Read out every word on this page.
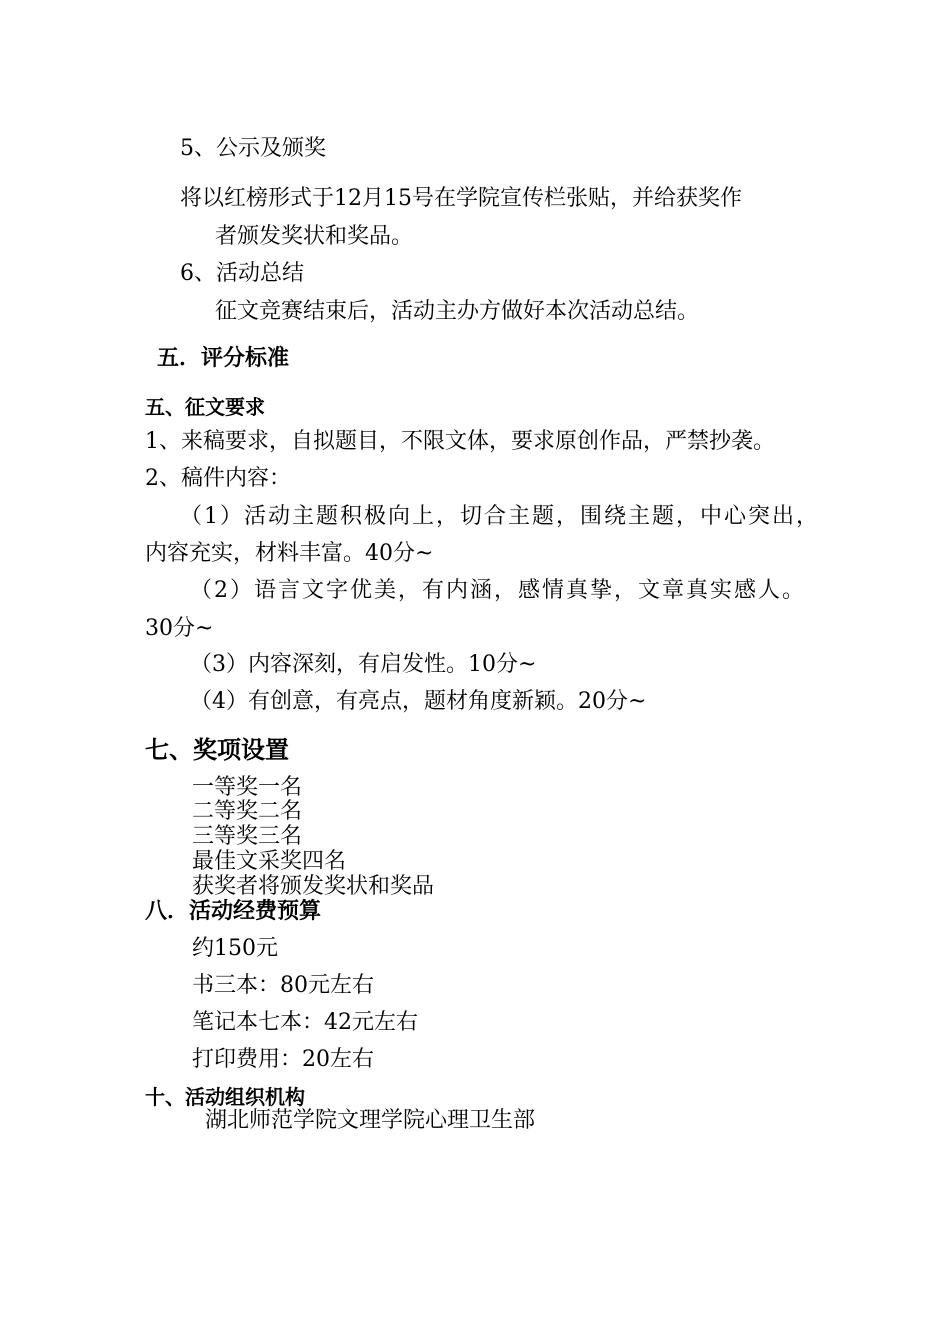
5、公示及颁奖
将以红榜形式于12月15号在学院宣传栏张贴，并给获奖作
者颁发奖状和奖品。
6、活动总结
征文竞赛结束后，活动主办方做好本次活动总结。
五．评分标准
五、征文要求
1、来稿要求，自拟题目，不限文体，要求原创作品，严禁抄袭。
2、稿件内容：
（1）活动主题积极向上，切合主题，围绕主题，中心突出，
内容充实，材料丰富。40分~
（2）语言文字优美，有内涵，感情真挚，文章真实感人。
30分~
（3）内容深刻，有启发性。10分~
（4）有创意，有亮点，题材角度新颖。20分~
七、奖项设置
一等奖一名
二等奖二名
三等奖三名
最佳文采奖四名
获奖者将颁发奖状和奖品
八．活动经费预算
约150元
书三本：80元左右
笔记本七本：42元左右
打印费用：20左右
十、活动组织机构
湖北师范学院文理学院心理卫生部
